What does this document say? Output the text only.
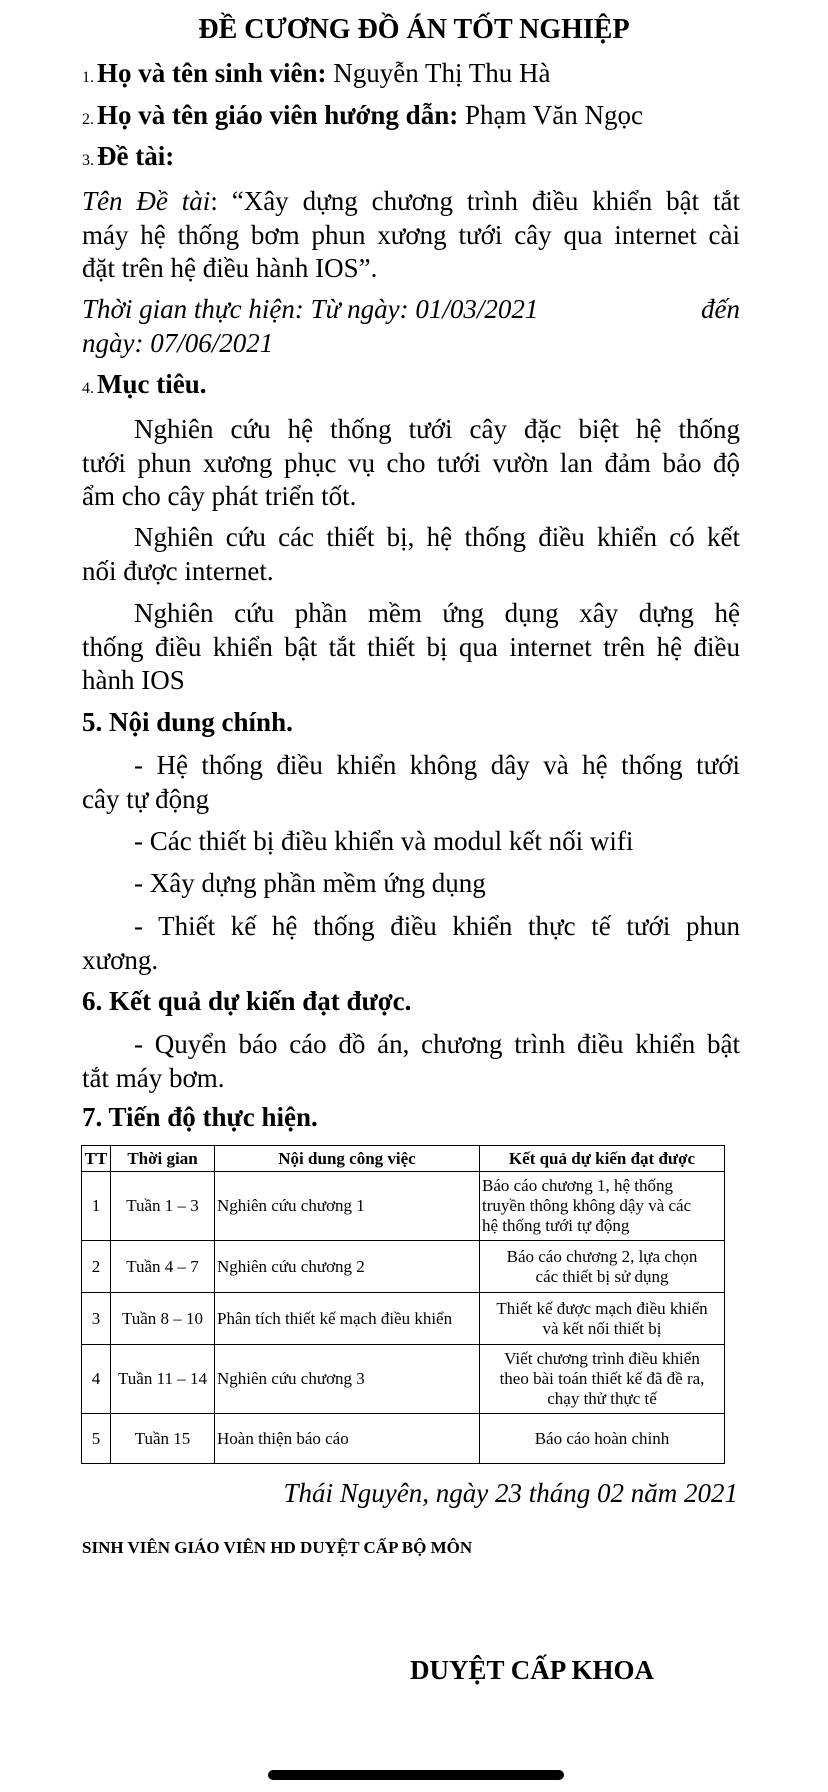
ĐỀ CƯƠNG ĐỒ ÁN TỐT NGHIỆP
1. Họ và tên sinh viên: Nguyễn Thị Thu Hà
2. Họ và tên giáo viên hướng dẫn: Phạm Văn Ngọc
3. Đề tài:
Tên Đề tài: “Xây dựng chương trình điều khiển bật tắt
máy hệ thống bơm phun xương tưới cây qua internet cài
đặt trên hệ điều hành IOS”.
Thời gian thực hiện: Từ ngày: 01/03/2021	đến
ngày: 07/06/2021
4. Mục tiêu.
Nghiên cứu hệ thống tưới cây đặc biệt hệ thống
tưới phun xương phục vụ cho tưới vườn lan đảm bảo độ
ẩm cho cây phát triển tốt.
Nghiên cứu các thiết bị, hệ thống điều khiển có kết
nối được internet.
Nghiên cứu phần mềm ứng dụng xây dựng hệ
thống điều khiển bật tắt thiết bị qua internet trên hệ điều
hành IOS
5. Nội dung chính.
- Hệ thống điều khiển không dây và hệ thống tưới
cây tự động
- Các thiết bị điều khiển và modul kết nối wifi
- Xây dựng phần mềm ứng dụng
- Thiết kế hệ thống điều khiển thực tế tưới phun
xương.
6. Kết quả dự kiến đạt được.
- Quyển báo cáo đồ án, chương trình điều khiển bật
tắt máy bơm.
7. Tiến độ thực hiện.
TT	Thời gian	Nội dung công việc	Kết quả dự kiến đạt được
1	Tuần 1 – 3	Nghiên cứu chương 1	Báo cáo chương 1, hệ thống
truyền thông không dậy và các
hệ thống tưới tự động

2	Tuần 4 – 7	Nghiên cứu chương 2	Báo cáo chương 2, lựa chọn
các thiết bị sử dụng

3	Tuần 8 – 10	Phân tích thiết kế mạch điều khiển	Thiết kế được mạch điều khiển
và kết nối thiết bị

4	Tuần 11 – 14	Nghiên cứu chương 3	Viết chương trình điều khiển
theo bài toán thiết kế đã đề ra,
chạy thử thực tế

5	Tuần 15	Hoàn thiện báo cáo	Báo cáo hoàn chỉnh
Thái Nguyên, ngày 23 tháng 02 năm 2021
SINH VIÊN GIÁO VIÊN HD DUYỆT CẤP BỘ MÔN
DUYỆT CẤP KHOA
